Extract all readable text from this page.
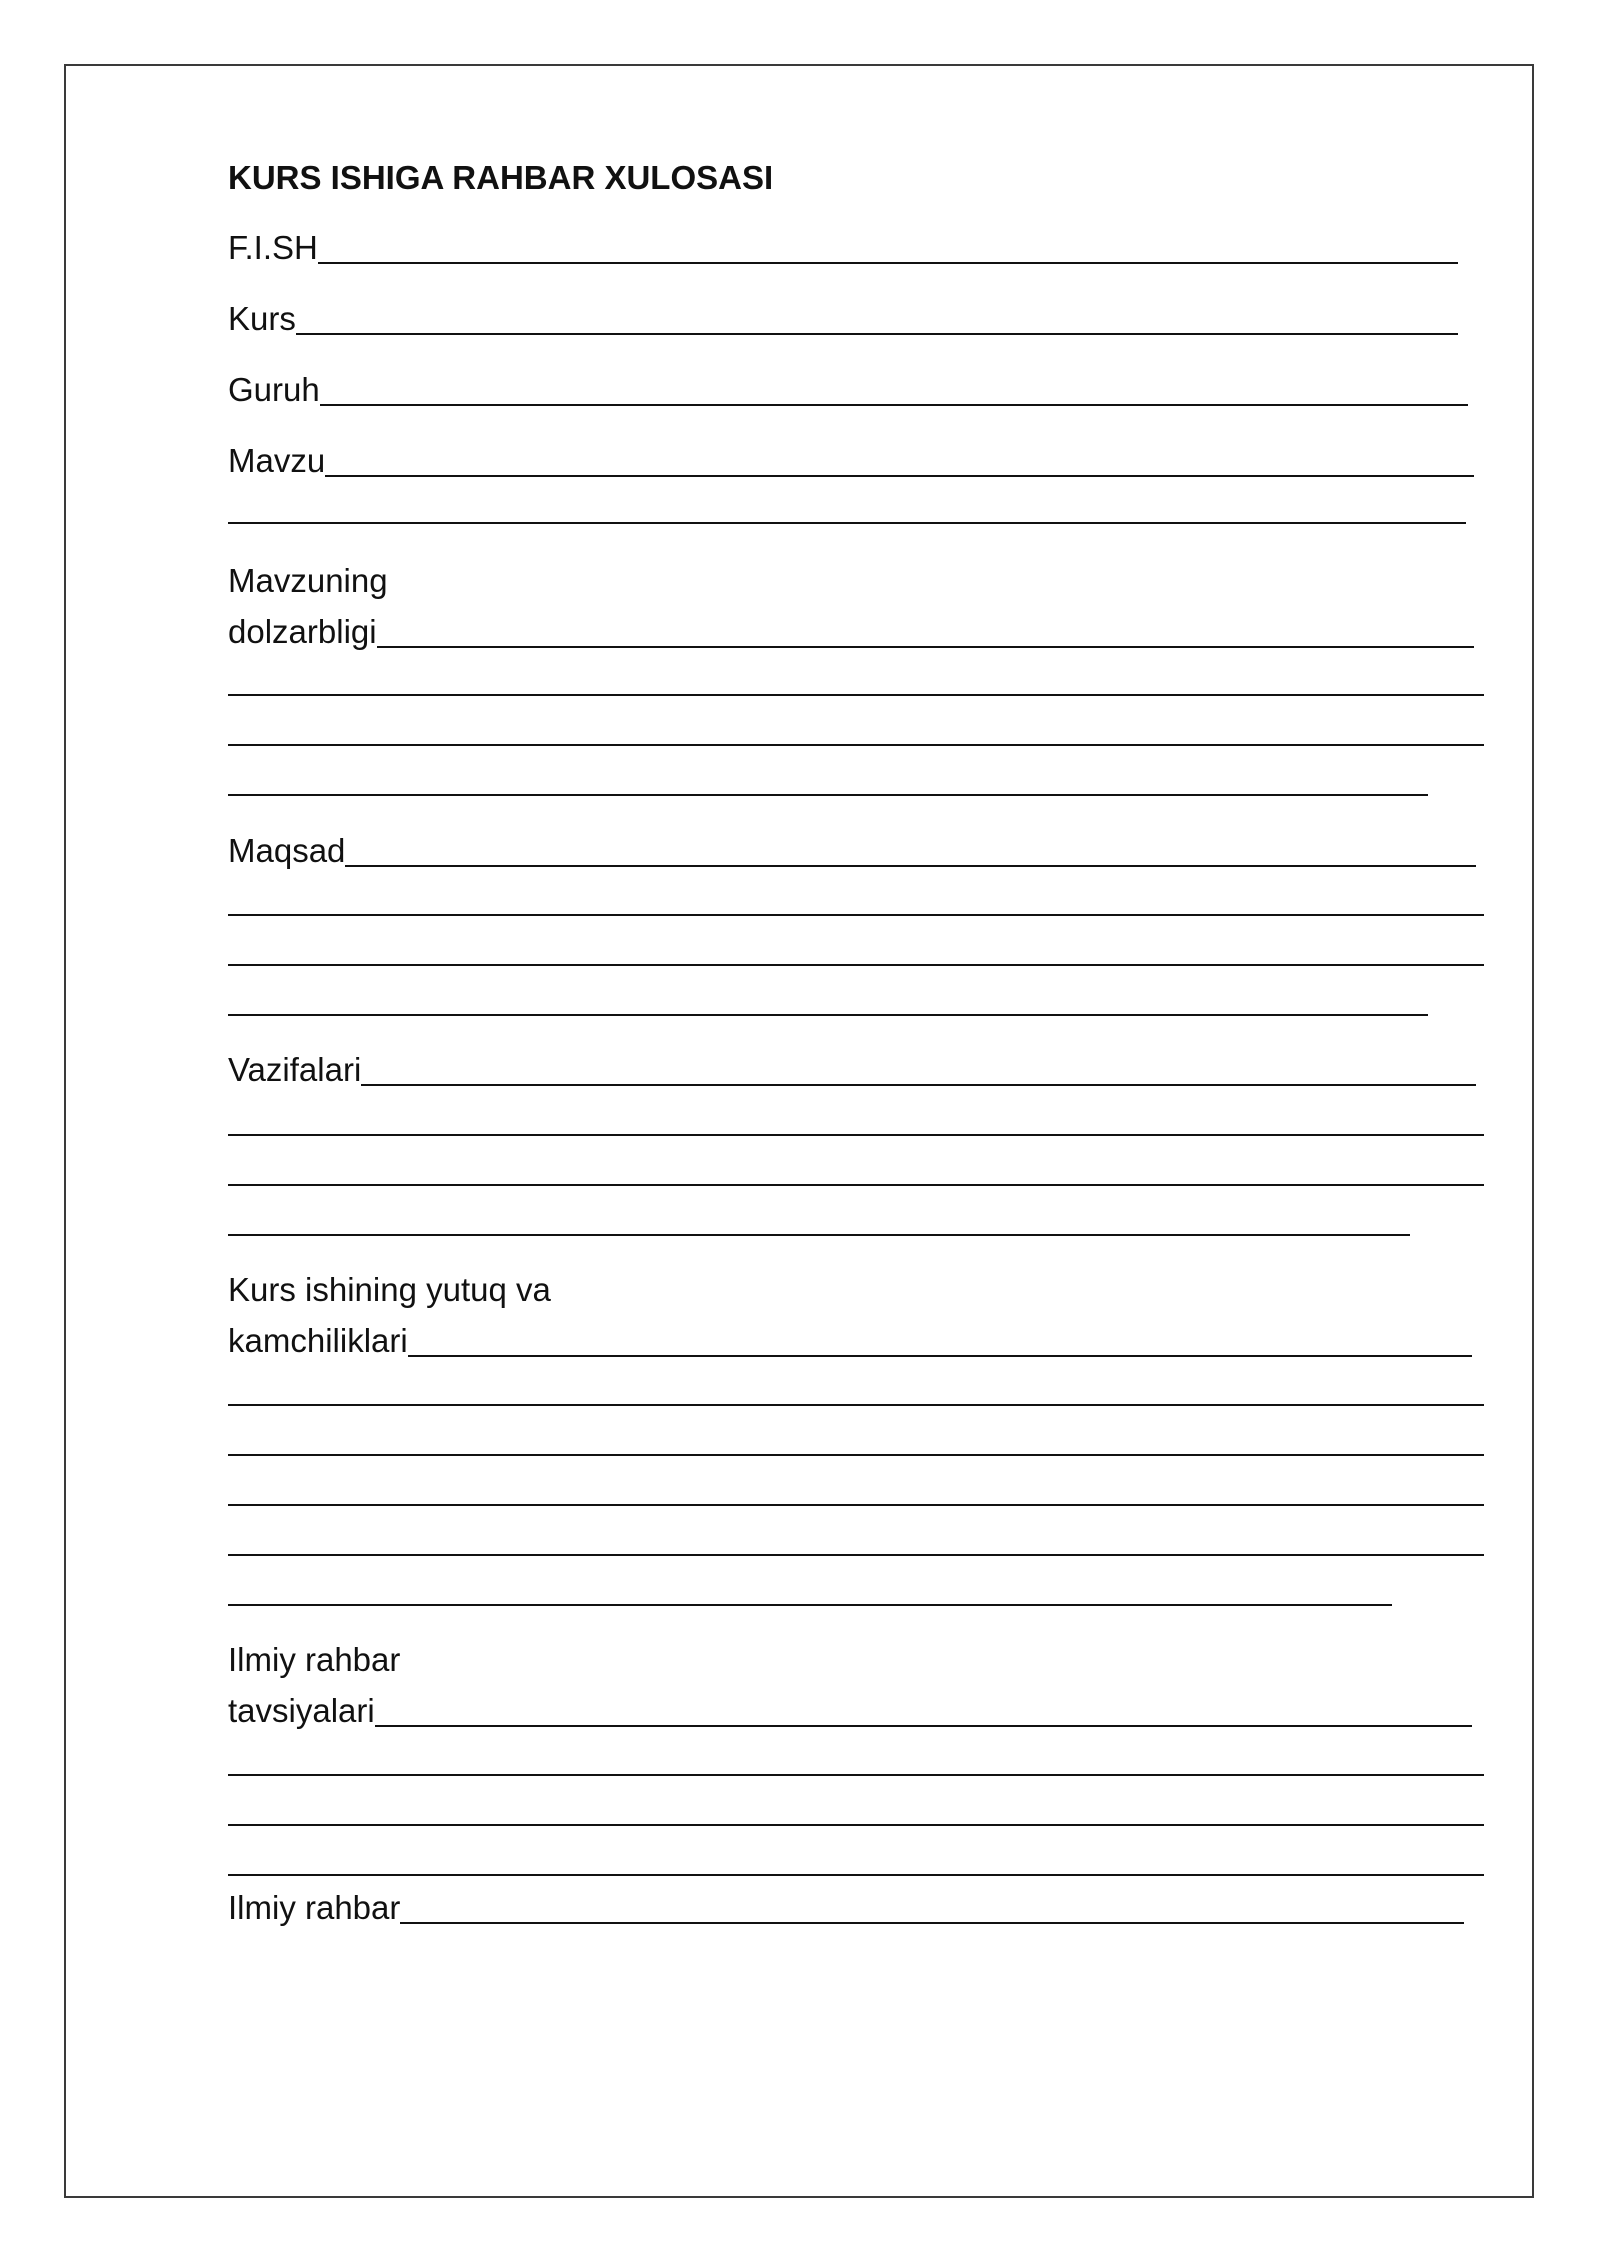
KURS ISHIGA RAHBAR XULOSASI
F.I.SH
Kurs
Guruh
Mavzu
Mavzuning
dolzarbligi
Maqsad
Vazifalari
Kurs ishining yutuq va
kamchiliklari
Ilmiy rahbar
tavsiyalari
Ilmiy rahbar
